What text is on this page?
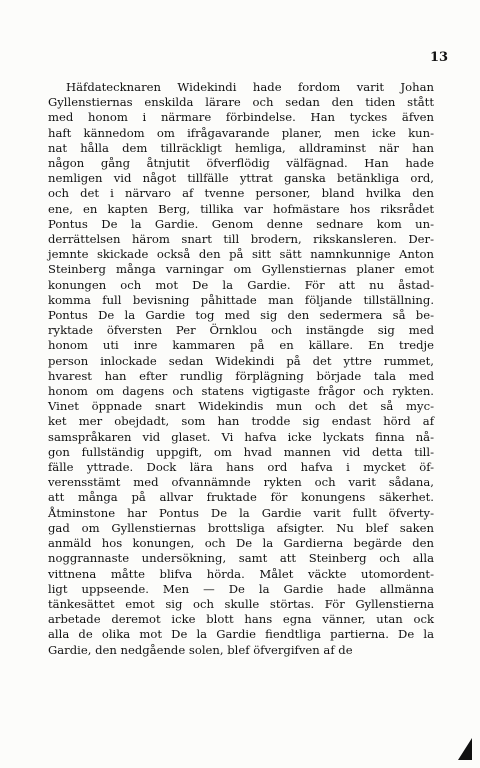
13
Häfdatecknaren Widekindi hade fordom varit Johan
Gyllenstiernas enskilda lärare och sedan den tiden stått
med honom i närmare förbindelse. Han tyckes äfven
haft kännedom om ifrågavarande planer, men icke kun-
nat hålla dem tillräckligt hemliga, alldraminst när han
någon gång åtnjutit öfverflödig välfägnad. Han hade
nemligen vid något tillfälle yttrat ganska betänkliga ord,
och det i närvaro af tvenne personer, bland hvilka den
ene, en kapten Berg, tillika var hofmästare hos riksrådet
Pontus De la Gardie. Genom denne sednare kom un-
derrättelsen härom snart till brodern, rikskansleren. Der-
jemnte skickade också den på sitt sätt namnkunnige Anton
Steinberg många varningar om Gyllenstiernas planer emot
konungen och mot De la Gardie. För att nu åstad-
komma full bevisning påhittade man följande tillställning.
Pontus De la Gardie tog med sig den sedermera så be-
ryktade öfversten Per Örnklou och instängde sig med
honom uti inre kammaren på en källare. En tredje
person inlockade sedan Widekindi på det yttre rummet,
hvarest han efter rundlig förplägning började tala med
honom om dagens och statens vigtigaste frågor och rykten.
Vinet öppnade snart Widekindis mun och det så myc-
ket mer obejdadt, som han trodde sig endast hörd af
samspråkaren vid glaset. Vi hafva icke lyckats finna nå-
gon fullständig uppgift, om hvad mannen vid detta till-
fälle yttrade. Dock lära hans ord hafva i mycket öf-
verensstämt med ofvannämnde rykten och varit sådana,
att många på allvar fruktade för konungens säkerhet.
Åtminstone har Pontus De la Gardie varit fullt öfverty-
gad om Gyllenstiernas brottsliga afsigter. Nu blef saken
anmäld hos konungen, och De la Gardierna begärde den
noggrannaste undersökning, samt att Steinberg och alla
vittnena måtte blifva hörda. Målet väckte utomordent-
ligt uppseende. Men — De la Gardie hade allmänna
tänkesättet emot sig och skulle störtas. För Gyllenstierna
arbetade deremot icke blott hans egna vänner, utan ock
alla de olika mot De la Gardie fiendtliga partierna. De la
Gardie, den nedgående solen, blef öfvergifven af de
